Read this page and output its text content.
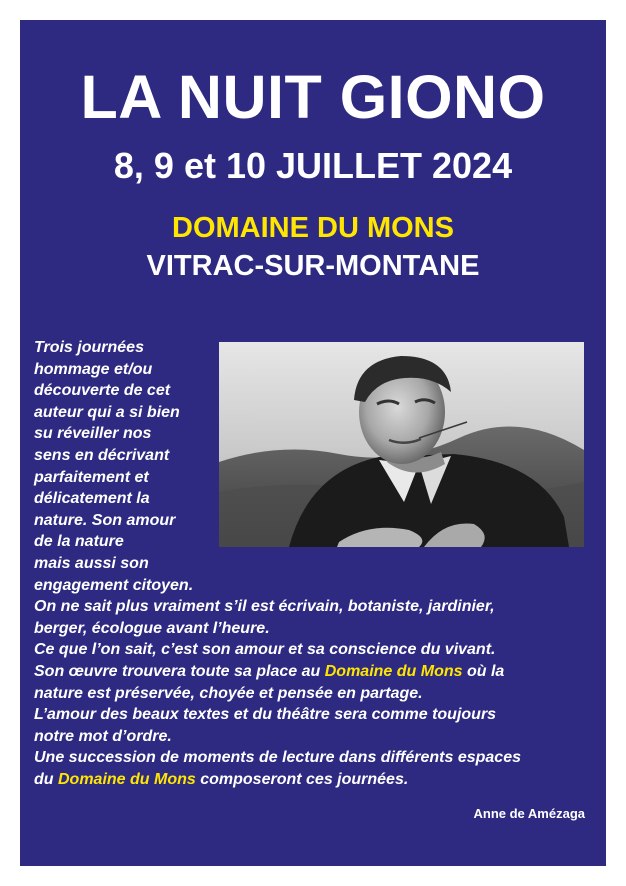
LA NUIT GIONO
8, 9 et 10 JUILLET 2024
DOMAINE DU MONS
VITRAC-SUR-MONTANE
Trois journées
hommage et/ou
découverte de cet
auteur qui a si bien
su réveiller nos
sens en décrivant
parfaitement et
délicatement la
nature. Son amour
de la nature
mais aussi son
engagement citoyen.
On ne sait plus vraiment s’il est écrivain, botaniste, jardinier,
berger, écologue avant l’heure.
Ce que l’on sait, c’est son amour et sa conscience du vivant.
Son œuvre trouvera toute sa place au Domaine du Mons où la
nature est préservée, choyée et pensée en partage.
L’amour des beaux textes et du théâtre sera comme toujours
notre mot d’ordre.
Une succession de moments de lecture dans différents espaces
du Domaine du Mons composeront ces journées.
Anne de Amézaga
